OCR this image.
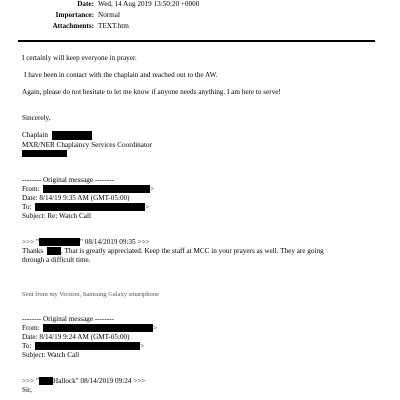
Date: Wed, 14 Aug 2019 13:50:20 +0000
Importance: Normal
Attachments: TEXT.htm
I certainly will keep everyone in prayer.
I have been in contact with the chaplain and reached out to the AW.
Again, please do not hesitate to let me know if anyone needs anything. I am here to serve!
Sincerely,
Chaplain
MXR/NER Chaplaincy Services Coordinator
-------- Original message --------
From:	>
Date: 8/14/19 9:35 AM (GMT-05:00)
To:	>
Subject: Re: Watch Call
>>> "	" 08/14/2019 09:35 >>>
Thanks . That is greatly appreciated. Keep the staff at MCC in your prayers as well. They are going
through a difficult time.
Sent from my Verizon, Samsung Galaxy smartphone
-------- Original message --------
From:	>
Date: 8/14/19 9:24 AM (GMT-05:00)
To:	>
Subject: Watch Call
>>> " Hallock" 08/14/2019 09:24 >>>
Sir,
